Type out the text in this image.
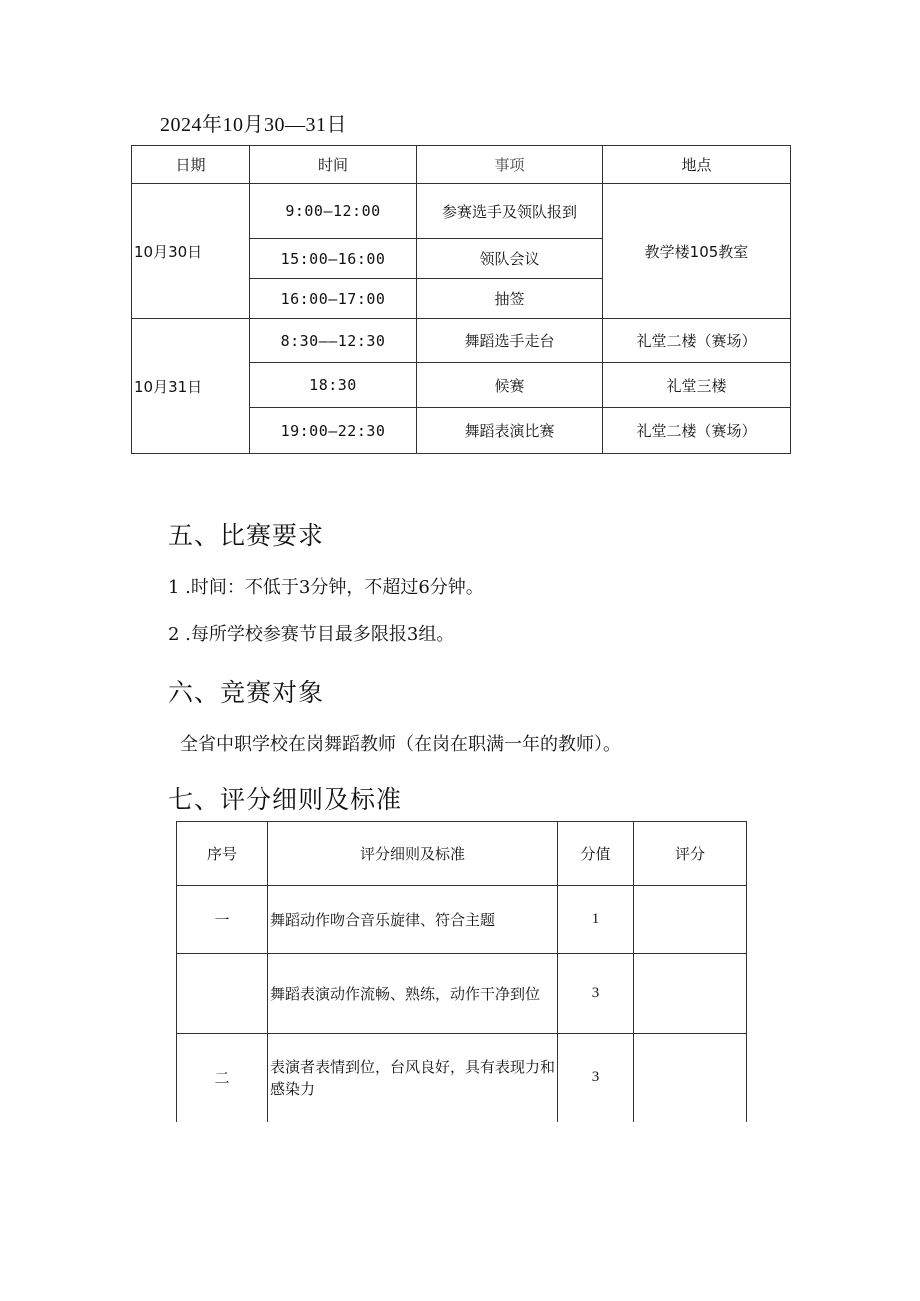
2024年10月30—31日
日期	时间	事项	地点
10月30日	9:00—12:00	参赛选手及领队报到	教学楼105教室
	15:00—16:00	领队会议	
	16:00—17:00	抽签	
10月31日	8:30——12:30	舞蹈选手走台	礼堂二楼（赛场）
	18:30	候赛	礼堂三楼
	19:00—22:30	舞蹈表演比赛	礼堂二楼（赛场）
五、比赛要求
1 .时间：不低于3分钟，不超过6分钟。
2 .每所学校参赛节目最多限报3组。
六、竞赛对象
全省中职学校在岗舞蹈教师（在岗在职满一年的教师）。
七、评分细则及标准
序号	评分细则及标准	分值	评分
一	舞蹈动作吻合音乐旋律、符合主题	1	
	舞蹈表演动作流畅、熟练，动作干净到位	3	
二	表演者表情到位，台风良好，具有表现力和感染力	3	
